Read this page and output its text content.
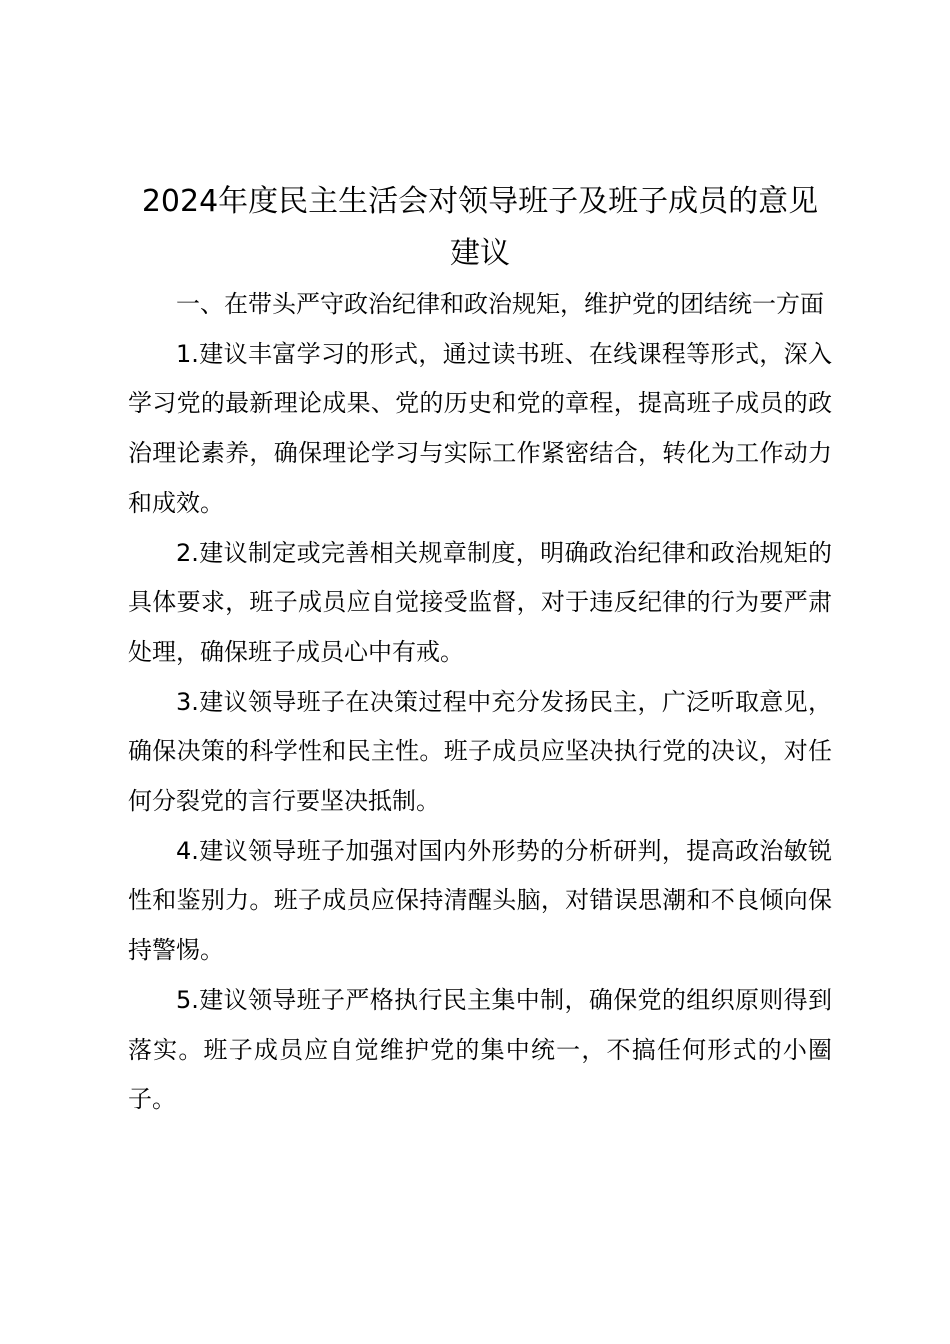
2024年度民主生活会对领导班子及班子成员的意见建议

一、在带头严守政治纪律和政治规矩，维护党的团结统一方面

1.建议丰富学习的形式，通过读书班、在线课程等形式，深入学习党的最新理论成果、党的历史和党的章程，提高班子成员的政治理论素养，确保理论学习与实际工作紧密结合，转化为工作动力和成效。

2.建议制定或完善相关规章制度，明确政治纪律和政治规矩的具体要求，班子成员应自觉接受监督，对于违反纪律的行为要严肃处理，确保班子成员心中有戒。

3.建议领导班子在决策过程中充分发扬民主，广泛听取意见，确保决策的科学性和民主性。班子成员应坚决执行党的决议，对任何分裂党的言行要坚决抵制。

4.建议领导班子加强对国内外形势的分析研判，提高政治敏锐性和鉴别力。班子成员应保持清醒头脑，对错误思潮和不良倾向保持警惕。

5.建议领导班子严格执行民主集中制，确保党的组织原则得到落实。班子成员应自觉维护党的集中统一，不搞任何形式的小圈子。
